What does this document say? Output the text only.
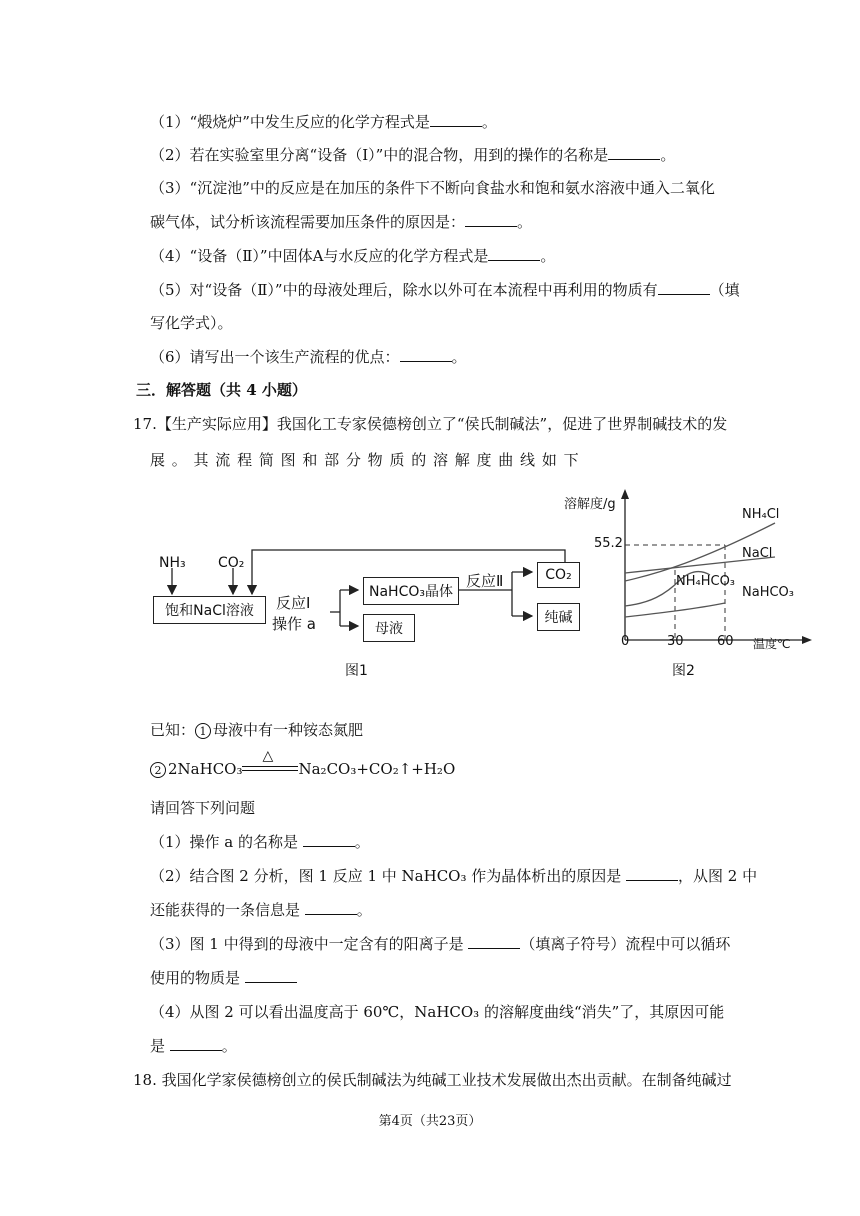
（1）“煅烧炉”中发生反应的化学方程式是	。
（2）若在实验室里分离“设备（I）”中的混合物，用到的操作的名称是	。
（3）“沉淀池”中的反应是在加压的条件下不断向食盐水和饱和氨水溶液中通入二氧化
碳气体，试分析该流程需要加压条件的原因是：	。
（4）“设备（Ⅱ）”中固体A与水反应的化学方程式是	。
（5）对“设备（Ⅱ）”中的母液处理后，除水以外可在本流程中再利用的物质有	（填
写化学式）。
（6）请写出一个该生产流程的优点：	。
三．解答题（共 4 小题）
17.【生产实际应用】我国化工专家侯德榜创立了“侯氏制碱法”，促进了世界制碱技术的发
展 。 其 流 程 简 图 和 部 分 物 质 的 溶 解 度 曲 线 如 下
NH₃ CO₂
饱和NaCl溶液	反应Ⅰ
操作 a
NaHCO₃晶体
母液
反应Ⅱ	CO₂
纯碱
图1
溶解度/g
55.2
0	30	60 温度℃
NH₄Cl
NaCl
NH₄HCO₃
NaHCO₃
图2
已知： 1 母液中有一种铵态氮肥
2 2NaHCO₃
△
Na₂CO₃+CO₂↑+H₂O
请回答下列问题
（1）操作 a 的名称是	。
（2）结合图 2 分析，图 1 反应 1 中 NaHCO₃ 作为晶体析出的原因是	，从图 2 中
还能获得的一条信息是	。
（3）图 1 中得到的母液中一定含有的阳离子是	（填离子符号）流程中可以循环
使用的物质是
（4）从图 2 可以看出温度高于 60℃，NaHCO₃ 的溶解度曲线“消失”了，其原因可能
是	。
18. 我国化学家侯德榜创立的侯氏制碱法为纯碱工业技术发展做出杰出贡献。在制备纯碱过
第4页（共23页）
